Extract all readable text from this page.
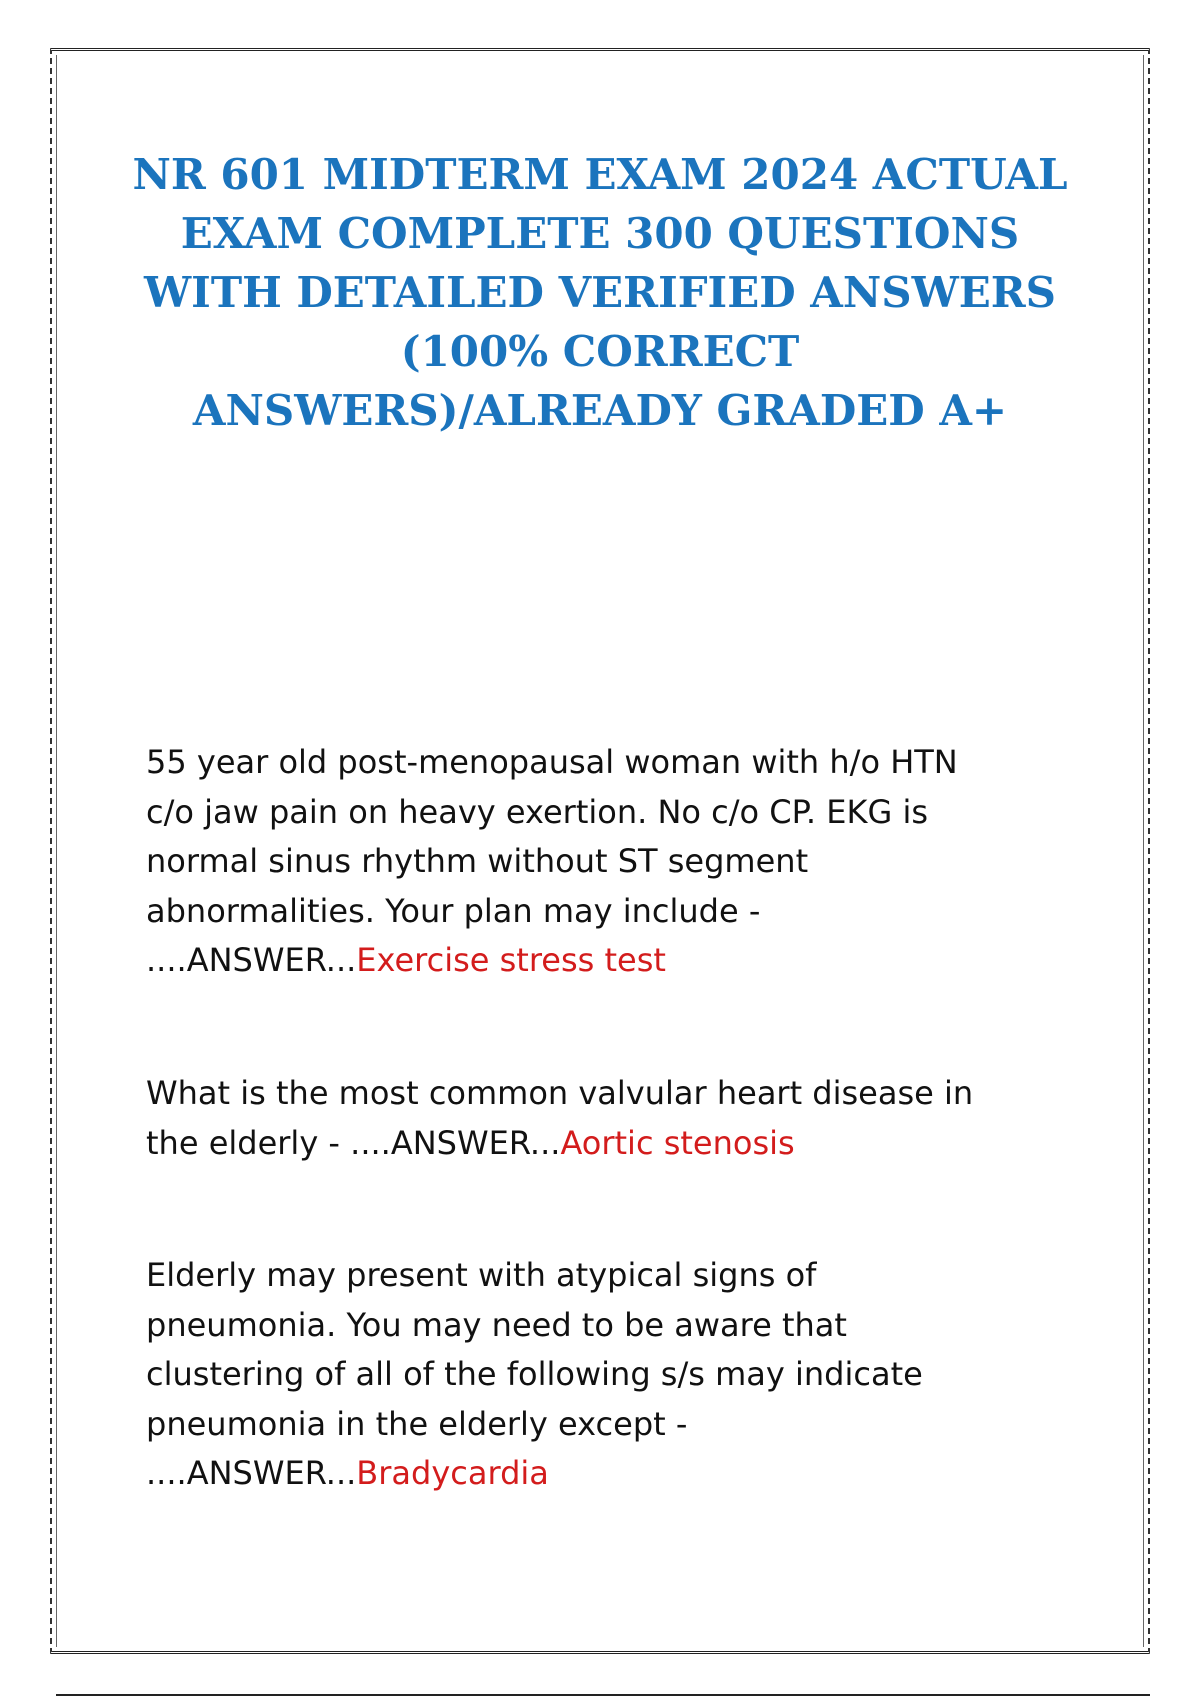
NR 601 MIDTERM EXAM 2024 ACTUAL
EXAM COMPLETE 300 QUESTIONS
WITH DETAILED VERIFIED ANSWERS
(100% CORRECT
ANSWERS)/ALREADY GRADED A+

55 year old post-menopausal woman with h/o HTN
c/o jaw pain on heavy exertion. No c/o CP. EKG is
normal sinus rhythm without ST segment
abnormalities. Your plan may include -
....ANSWER...Exercise stress test

What is the most common valvular heart disease in
the elderly - ....ANSWER...Aortic stenosis

Elderly may present with atypical signs of
pneumonia. You may need to be aware that
clustering of all of the following s/s may indicate
pneumonia in the elderly except -
....ANSWER...Bradycardia
